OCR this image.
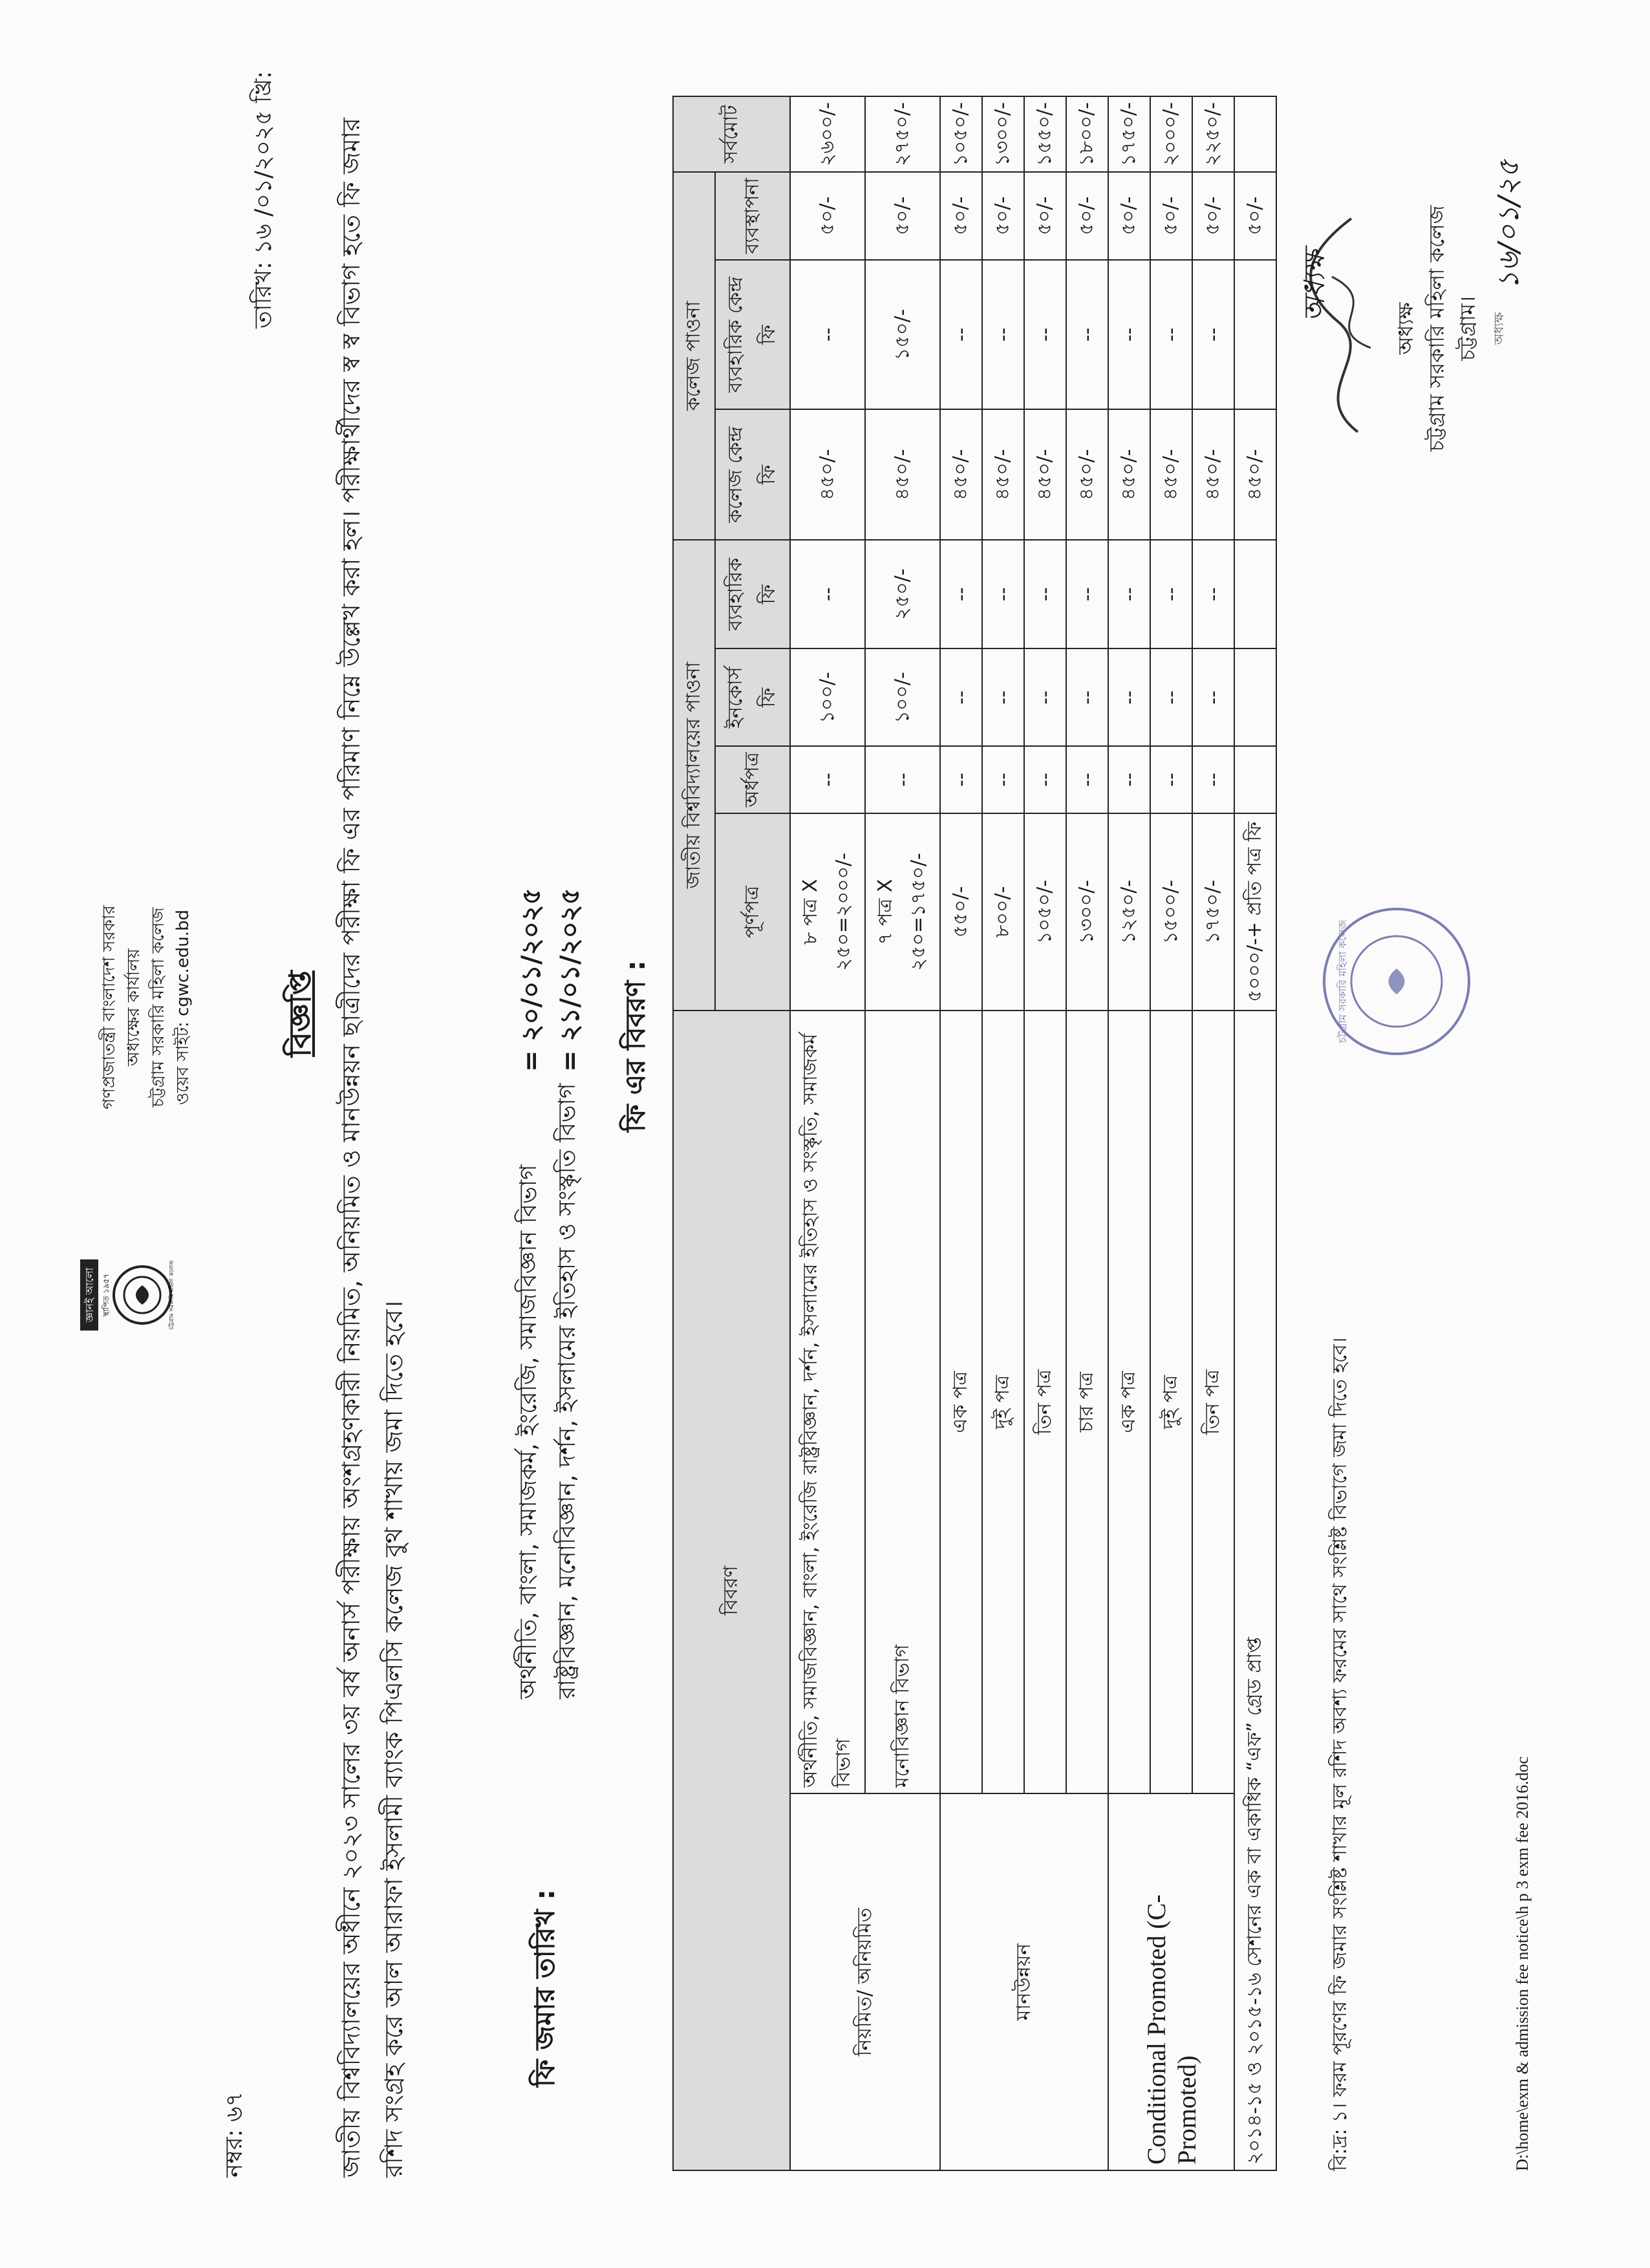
জ্ঞানই আলো স্থাপিত ১৯৫৭	চট্টগ্রাম সরকারি মহিলা কলেজ
গণপ্রজাতন্ত্রী বাংলাদেশ সরকার অধ্যক্ষের কার্যালয় চট্টগ্রাম সরকারি মহিলা কলেজ ওয়েব সাইট: cgwc.edu.bd
নম্বর: ৬৭
তারিখ: ১৬ /০১/২০২৫ খ্রি:
বিজ্ঞপ্তি জাতীয় বিশ্ববিদ্যালয়ের অধীনে ২০২৩ সালের ৩য় বর্ষ অনার্স পরীক্ষায় অংশগ্রহণকারী নিয়মিত, অনিয়মিত ও মানউন্নয়ন ছাত্রীদের পরীক্ষা ফি এর পরিমাণ নিম্নে উল্লেখ করা হল। পরীক্ষার্থীদের স্ব স্ব বিভাগ হতে ফি জমার রশিদ সংগ্রহ করে আল আরাফা ইসলামী ব্যাংক পিএলসি কলেজ বুথ শাখায় জমা দিতে হবে।	ফি জমার তারিখ :
অর্থনীতি, বাংলা, সমাজকর্ম, ইংরেজি, সমাজবিজ্ঞান বিভাগ
= ২০/০১/২০২৫
রাষ্ট্রবিজ্ঞান, মনোবিজ্ঞান, দর্শন, ইসলামের ইতিহাস ও সংস্কৃতি বিভাগ
= ২১/০১/২০২৫ ফি এর বিবরণ :
বিবরণ		জাতীয় বিশ্ববিদ্যালয়ের পাওনা				কলেজ পাওনা			সর্বমোট
		পূর্ণপত্র	অর্ধপত্র	ইনকোর্স ফি	ব্যবহারিক ফি	কলেজ কেন্দ্র ফি	ব্যবহারিক কেন্দ্র ফি	ব্যবস্থাপনা	
নিয়মিত/ অনিয়মিত	অর্থনীতি, সমাজবিজ্ঞান, বাংলা, ইংরেজি রাষ্ট্রবিজ্ঞান, দর্শন, ইসলামের ইতিহাস ও সংস্কৃতি, সমাজকর্ম বিভাগ	৮ পত্র X ২৫০=২০০০/-	--	১০০/-	--	৪৫০/-	--	৫০/-	২৬০০/-
	মনোবিজ্ঞান বিভাগ	৭ পত্র X ২৫০=১৭৫০/-	--	১০০/-	২৫০/-	৪৫০/-	১৫০/-	৫০/-	২৭৫০/-
মানউন্নয়ন	এক পত্র	৫৫০/-	--	--	--	৪৫০/-	--	৫০/-	১০৫০/-
	দুই পত্র	৮০০/-	--	--	--	৪৫০/-	--	৫০/-	১৩০০/-
	তিন পত্র	১০৫০/-	--	--	--	৪৫০/-	--	৫০/-	১৫৫০/-
	চার পত্র	১৩০০/-	--	--	--	৪৫০/-	--	৫০/-	১৮০০/-
Conditional Promoted (C-Promoted)	এক পত্র	১২৫০/-	--	--	--	৪৫০/-	--	৫০/-	১৭৫০/-
	দুই পত্র	১৫০০/-	--	--	--	৪৫০/-	--	৫০/-	২০০০/-
	তিন পত্র	১৭৫০/-	--	--	--	৪৫০/-	--	৫০/-	২২৫০/-
২০১৪-১৫ ও ২০১৫-১৬ সেশনের এক বা একাধিক “এফ” গ্রেড প্রাপ্ত		৫০০০/-+ প্রতি পত্র ফি				৪৫০/-		৫০/-	
বি:দ্র: ১। ফরম পূরণের ফি জমার সংশ্লিষ্ট শাখার মূল রশিদ অবশ্য ফরমের সাথে সংশ্লিষ্ট বিভাগে জমা দিতে হবে।	D:\home\exm & admission fee notice\h p 3 exm fee 2016.doc
চট্টগ্রাম সরকারি মহিলা কলেজ
অধ্যক্ষ	১৬/০১/২৫
অধ্যক্ষ চট্টগ্রাম সরকারি মহিলা কলেজ চট্টগ্রাম। অধ্যক্ষ
